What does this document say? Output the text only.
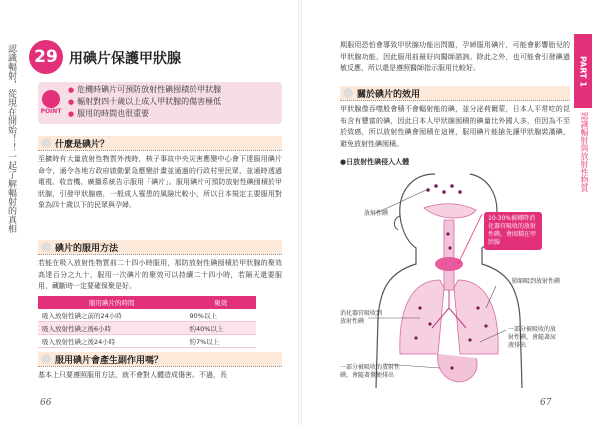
認識輻射，從現在開始！！一起了解輻射的真相	29 用碘片保護甲狀腺
POINT
● 危機時碘片可預防放射性碘囤積於甲狀腺
● 輻射對四十歲以上成人甲狀腺的傷害極低
● 服用的時間也很重要
什麼是碘片？
至擴時有大量放射性物質外洩時，核子事故中央災害應變中心會下達服用碘片命令，通令各地方政府啟動緊急應變計畫並通過的行政村里民眾，並通時透過電視、收音機、廣播系統告示服用「碘片」。服用碘片可預防放射性碘囤積於甲狀腺，引發甲狀腺癌，一般成人罹患的風險比較小，所以日本規定主要服用對象為四十歲以下的民眾與孕婦。
碘片的服用方法
若能在吸入放射性物質前二十四小時服用，那防放射性碘囤積於甲狀腺的聚效高達百分之九十，服用一次碘片的聚效可以持續二十四小時，若隔天還要服用，藏斷時一定要確保聚是好。
服用碘片的時間	聚效
吸入放射性碘之前的24小時	90%以上
吸入放射性碘之後6小時	約40%以上
吸入放射性碘之後24小時	約7%以上
服用碘片會產生副作用嗎？
基本上只要遵照服用方法，就不會對人體造成傷害。不過，長
66
期服用恐怕會導致甲狀腺功能出問題，孕婦服用碘片，可能會影響胎兒的甲狀腺功能，因此服用前最好向醫師諮詢。除此之外，也可能會引發碘過敏反應，所以還是遵照醫師指示服用比較好。
關於碘片的效用
甲狀腺像吞噬般會積不會輻射能的碘，並分泌荷爾蒙，日本人平常吃的昆布含有豐富的碘，因此日本人甲狀腺囤積的碘量比外國人多，但因為不至於致癌，所以放射性碘會囤積在這裡，服用碘片能搶先讓甲狀腺裝滿碘，避免放射性碘囤積。
●日放射性碘侵入人體
放射性碘
10-30%被轉降消化器官吸收的放射性碘，會囤積在甲狀腺
肺細吸到放射性碘
消化器官吸收到放射性碘
一部分被吸收的放射性碘，會隨著尿液排出
一部分被吸收的放射性碘，會隨著糞便排出
PART 1
認識輻射與放射性物質
67
